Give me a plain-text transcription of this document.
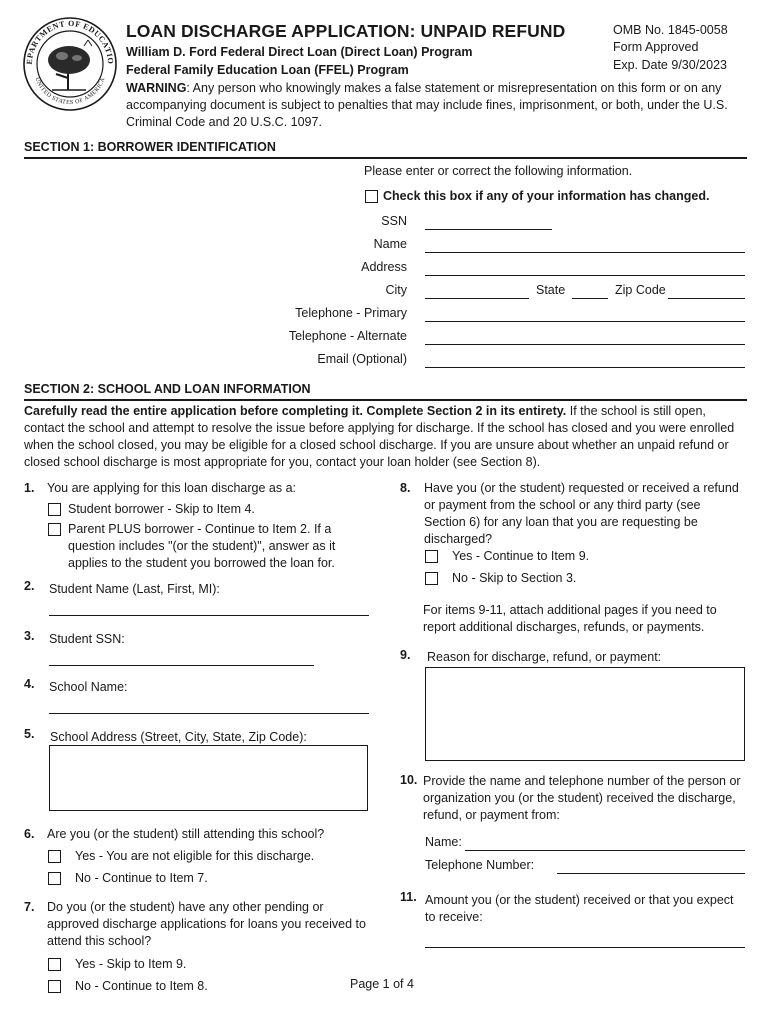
EPARTMENT OF EDUCATIO
UNITED STATES OF AMERICA
LOAN DISCHARGE APPLICATION: UNPAID REFUND
William D. Ford Federal Direct Loan (Direct Loan) Program
Federal Family Education Loan (FFEL) Program
OMB No. 1845-0058
Form Approved
Exp. Date 9/30/2023
WARNING: Any person who knowingly makes a false statement or misrepresentation on this form or on any accompanying document is subject to penalties that may include fines, imprisonment, or both, under the U.S. Criminal Code and 20 U.S.C. 1097.
SECTION 1: BORROWER IDENTIFICATION
Please enter or correct the following information.
Check this box if any of your information has changed.
SSN
Name
Address
City	State	Zip Code
Telephone - Primary
Telephone - Alternate
Email (Optional)
SECTION 2: SCHOOL AND LOAN INFORMATION
Carefully read the entire application before completing it. Complete Section 2 in its entirety. If the school is still open, contact the school and attempt to resolve the issue before applying for discharge. If the school has closed and you were enrolled when the school closed, you may be eligible for a closed school discharge. If you are unsure about whether an unpaid refund or closed school discharge is most appropriate for you, contact your loan holder (see Section 8).
1. You are applying for this loan discharge as a:
Student borrower - Skip to Item 4.
Parent PLUS borrower - Continue to Item 2. If a question includes "(or the student)", answer as it applies to the student you borrowed the loan for.
2. Student Name (Last, First, MI):
3. Student SSN:
4. School Name:
5. School Address (Street, City, State, Zip Code):
6. Are you (or the student) still attending this school?
Yes - You are not eligible for this discharge.
No - Continue to Item 7.
7. Do you (or the student) have any other pending or approved discharge applications for loans you received to attend this school?
Yes - Skip to Item 9.
No - Continue to Item 8.
8. Have you (or the student) requested or received a refund or payment from the school or any third party (see Section 6) for any loan that you are requesting be discharged?
Yes - Continue to Item 9.
No - Skip to Section 3.
For items 9-11, attach additional pages if you need to report additional discharges, refunds, or payments.
9. Reason for discharge, refund, or payment:
10. Provide the name and telephone number of the person or organization you (or the student) received the discharge, refund, or payment from:
Name:
Telephone Number:
11. Amount you (or the student) received or that you expect to receive:
Page 1 of 4
